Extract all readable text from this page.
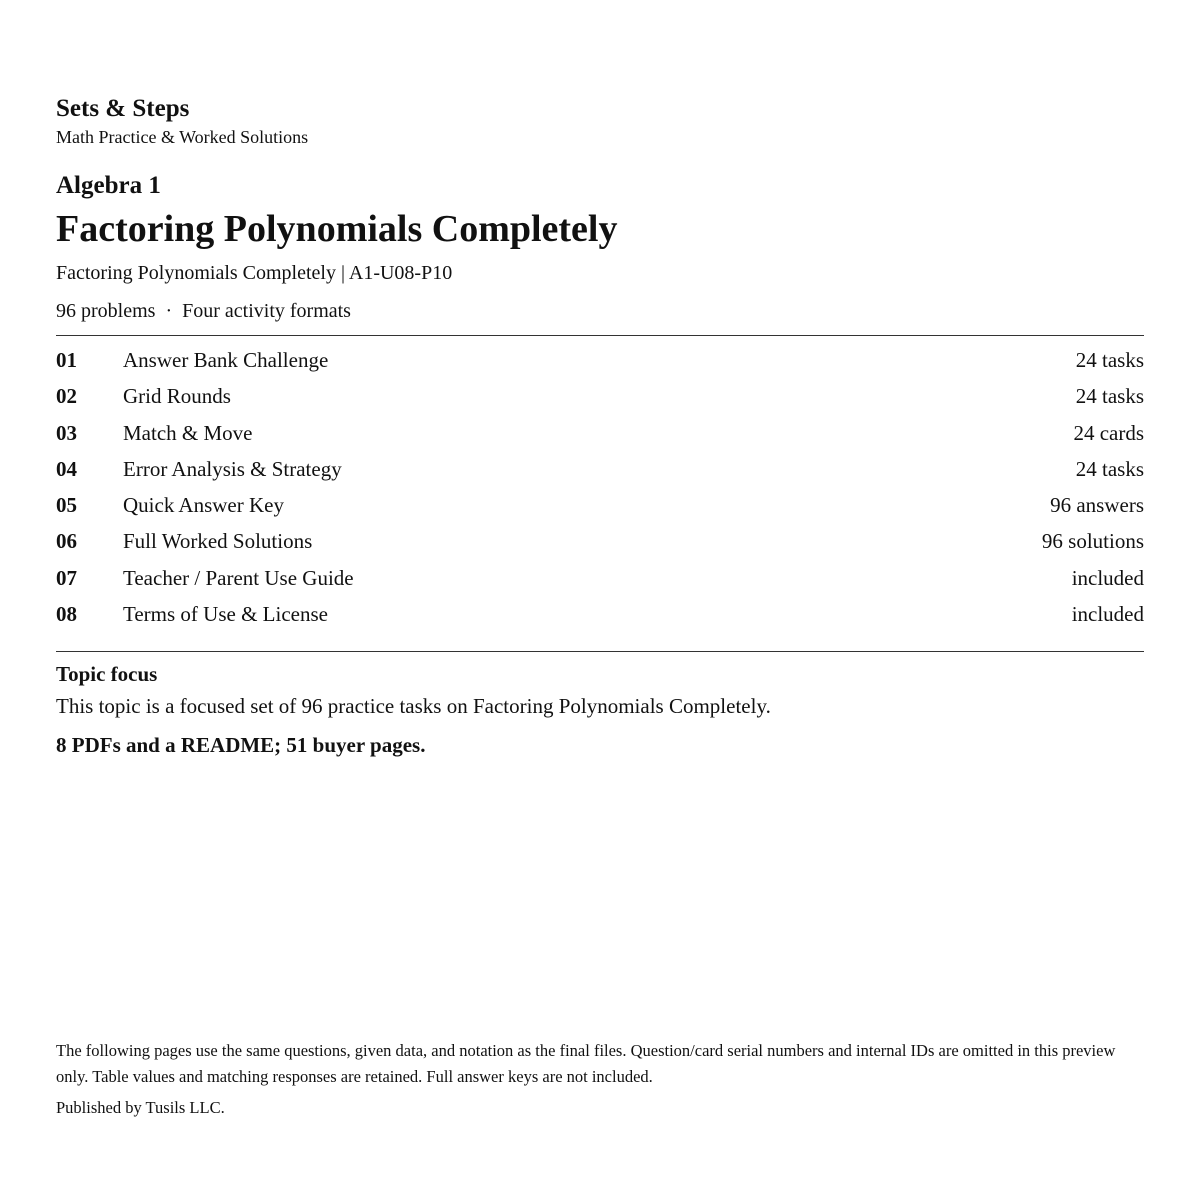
Sets & Steps
Math Practice & Worked Solutions
Algebra 1
Factoring Polynomials Completely
Factoring Polynomials Completely | A1-U08-P10
96 problems · Four activity formats
01 Answer Bank Challenge	24 tasks
02 Grid Rounds	24 tasks
03 Match & Move	24 cards
04 Error Analysis & Strategy	24 tasks
05 Quick Answer Key	96 answers
06 Full Worked Solutions	96 solutions
07 Teacher / Parent Use Guide	included
08 Terms of Use & License	included
Topic focus
This topic is a focused set of 96 practice tasks on Factoring Polynomials Completely.
8 PDFs and a README; 51 buyer pages.
The following pages use the same questions, given data, and notation as the final files. Question/card serial numbers and internal IDs are omitted in this preview only. Table values and matching responses are retained. Full answer keys are not included.
Published by Tusils LLC.
